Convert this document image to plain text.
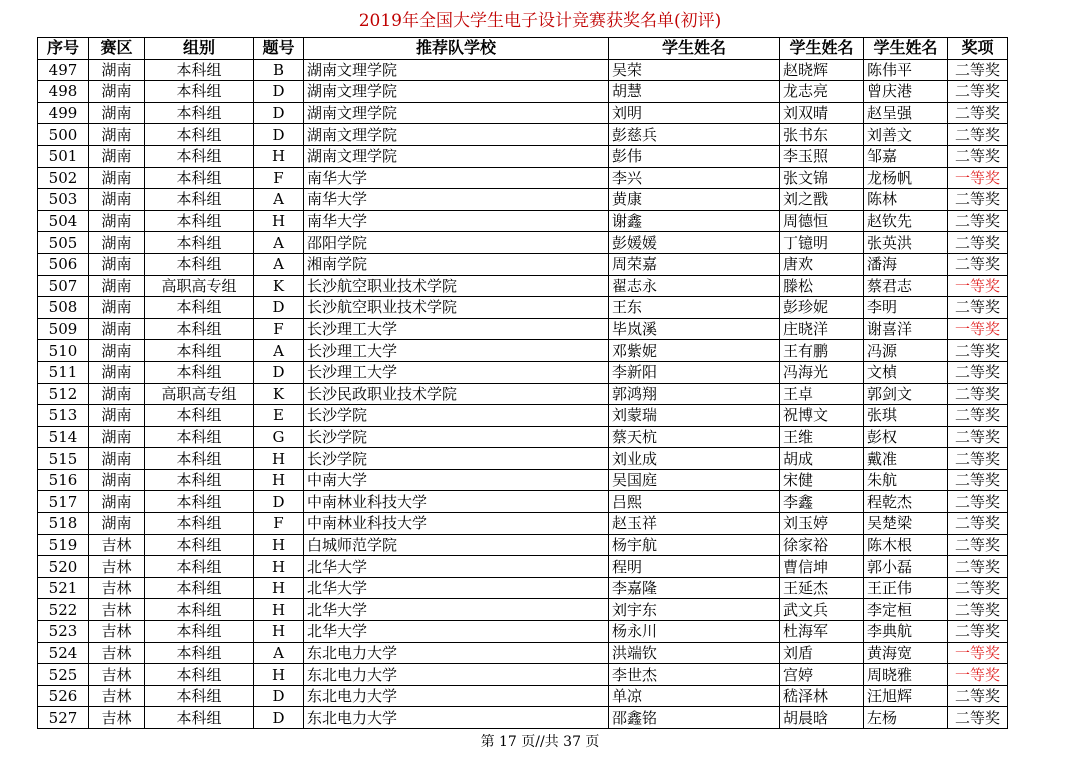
2019年全国大学生电子设计竞赛获奖名单(初评)
序号	赛区	组别	题号	推荐队学校	学生姓名	学生姓名	学生姓名	奖项
497	湖南	本科组	B	湖南文理学院	吴荣	赵晓辉	陈伟平	二等奖
498	湖南	本科组	D	湖南文理学院	胡慧	龙志亮	曾庆港	二等奖
499	湖南	本科组	D	湖南文理学院	刘明	刘双晴	赵呈强	二等奖
500	湖南	本科组	D	湖南文理学院	彭慈兵	张书东	刘善文	二等奖
501	湖南	本科组	H	湖南文理学院	彭伟	李玉照	邹嘉	二等奖
502	湖南	本科组	F	南华大学	李兴	张文锦	龙杨帆	一等奖
503	湖南	本科组	A	南华大学	黄康	刘之戬	陈林	二等奖
504	湖南	本科组	H	南华大学	谢鑫	周德恒	赵钦先	二等奖
505	湖南	本科组	A	邵阳学院	彭媛媛	丁镱明	张英洪	二等奖
506	湖南	本科组	A	湘南学院	周荣嘉	唐欢	潘海	二等奖
507	湖南	高职高专组	K	长沙航空职业技术学院	翟志永	滕松	蔡君志	一等奖
508	湖南	本科组	D	长沙航空职业技术学院	王东	彭珍妮	李明	二等奖
509	湖南	本科组	F	长沙理工大学	毕岚溪	庄晓洋	谢喜洋	一等奖
510	湖南	本科组	A	长沙理工大学	邓紫妮	王有鹏	冯源	二等奖
511	湖南	本科组	D	长沙理工大学	李新阳	冯海光	文楨	二等奖
512	湖南	高职高专组	K	长沙民政职业技术学院	郭鸿翔	王卓	郭剑文	二等奖
513	湖南	本科组	E	长沙学院	刘蒙瑞	祝博文	张琪	二等奖
514	湖南	本科组	G	长沙学院	蔡天杭	王维	彭权	二等奖
515	湖南	本科组	H	长沙学院	刘业成	胡成	戴准	二等奖
516	湖南	本科组	H	中南大学	吴国庭	宋健	朱航	二等奖
517	湖南	本科组	D	中南林业科技大学	吕熙	李鑫	程乾杰	二等奖
518	湖南	本科组	F	中南林业科技大学	赵玉祥	刘玉婷	吴楚梁	二等奖
519	吉林	本科组	H	白城师范学院	杨宇航	徐家裕	陈木根	二等奖
520	吉林	本科组	H	北华大学	程明	曹信坤	郭小磊	二等奖
521	吉林	本科组	H	北华大学	李嘉隆	王延杰	王正伟	二等奖
522	吉林	本科组	H	北华大学	刘宇东	武文兵	李定桓	二等奖
523	吉林	本科组	H	北华大学	杨永川	杜海军	李典航	二等奖
524	吉林	本科组	A	东北电力大学	洪端钦	刘盾	黄海宽	一等奖
525	吉林	本科组	H	东北电力大学	李世杰	宫婷	周晓雅	一等奖
526	吉林	本科组	D	东北电力大学	单凉	嵇泽林	汪旭辉	二等奖
527	吉林	本科组	D	东北电力大学	邵鑫铭	胡晨晗	左杨	二等奖
第 17 页//共 37 页
